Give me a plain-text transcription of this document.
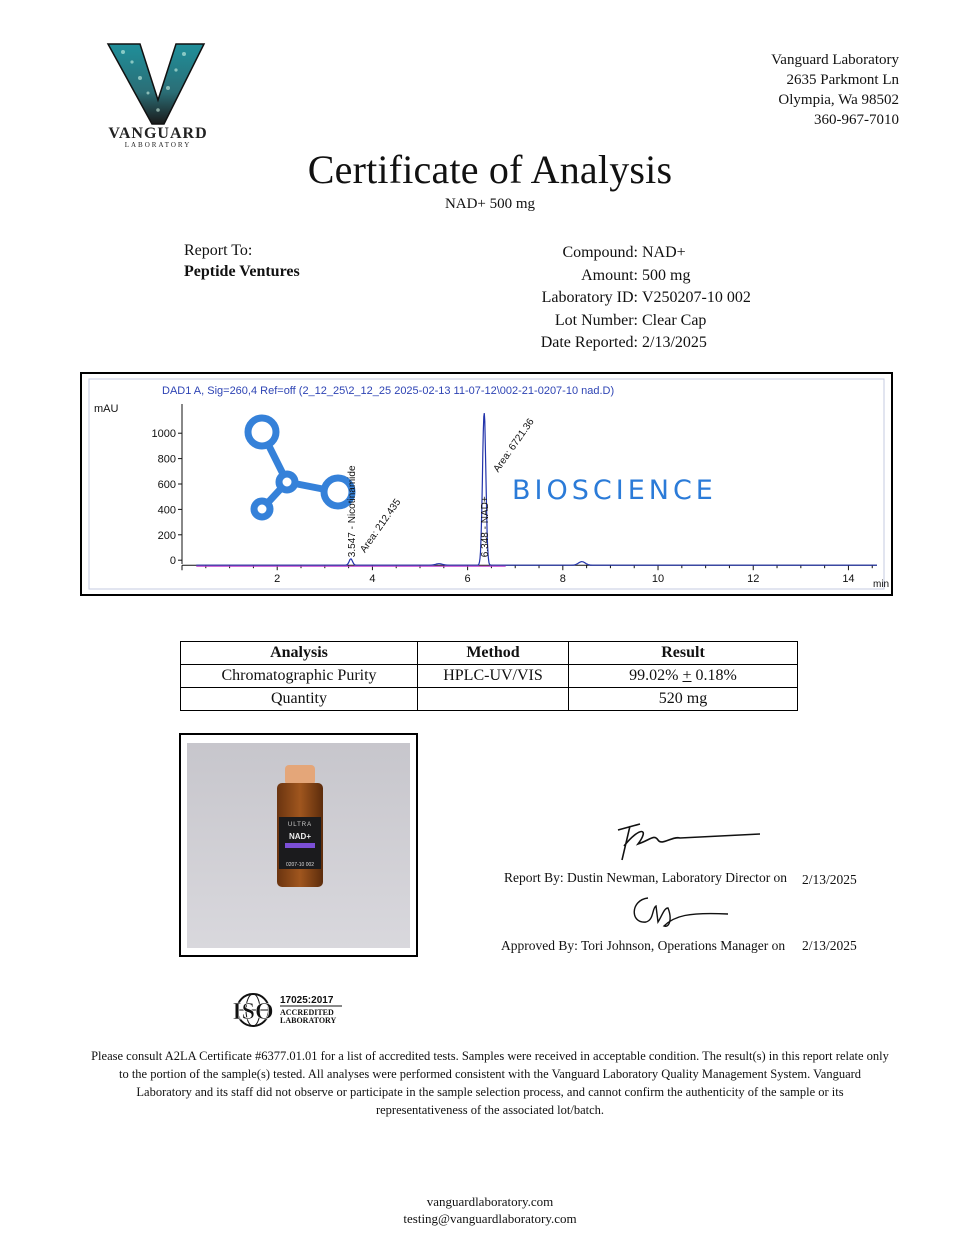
VANGUARD
LABORATORY
Vanguard Laboratory
2635 Parkmont Ln
Olympia, Wa 98502
360-967-7010
Certificate of Analysis
NAD+ 500 mg
Report To:
Peptide Ventures
Compound: NAD+
Amount: 500 mg
Laboratory ID: V250207-10 002
Lot Number: Clear Cap
Date Reported: 2/13/2025
DAD1 A, Sig=260,4 Ref=off (2_12_25\2_12_25 2025-02-13 11-07-12\002-21-0207-10 nad.D)
mAU
min
BIOSCIENCE
0
200
400
600
800
1000
2	4	6	8	10	12	14
3.547 - Nicotinamide Area: 212.435	6.348 - NAD+
Area: 6721.36
Analysis	Method	Result
Chromatographic Purity	HPLC-UV/VIS	99.02% + 0.18%
Quantity		520 mg
ULTRA
NAD+
0207-10 002
Report By: Dustin Newman, Laboratory Director on 2/13/2025
Approved By: Tori Johnson, Operations Manager on 2/13/2025
ISO 17025:2017
ACCREDITED
LABORATORY
Please consult A2LA Certificate #6377.01.01 for a list of accredited tests. Samples were received in acceptable condition. The result(s) in this report relate only to the portion of the sample(s) tested. All analyses were performed consistent with the Vanguard Laboratory Quality Management System. Vanguard Laboratory and its staff did not observe or participate in the sample selection process, and cannot confirm the authenticity of the sample or its representativeness of the associated lot/batch.
vanguardlaboratory.com
testing@vanguardlaboratory.com
